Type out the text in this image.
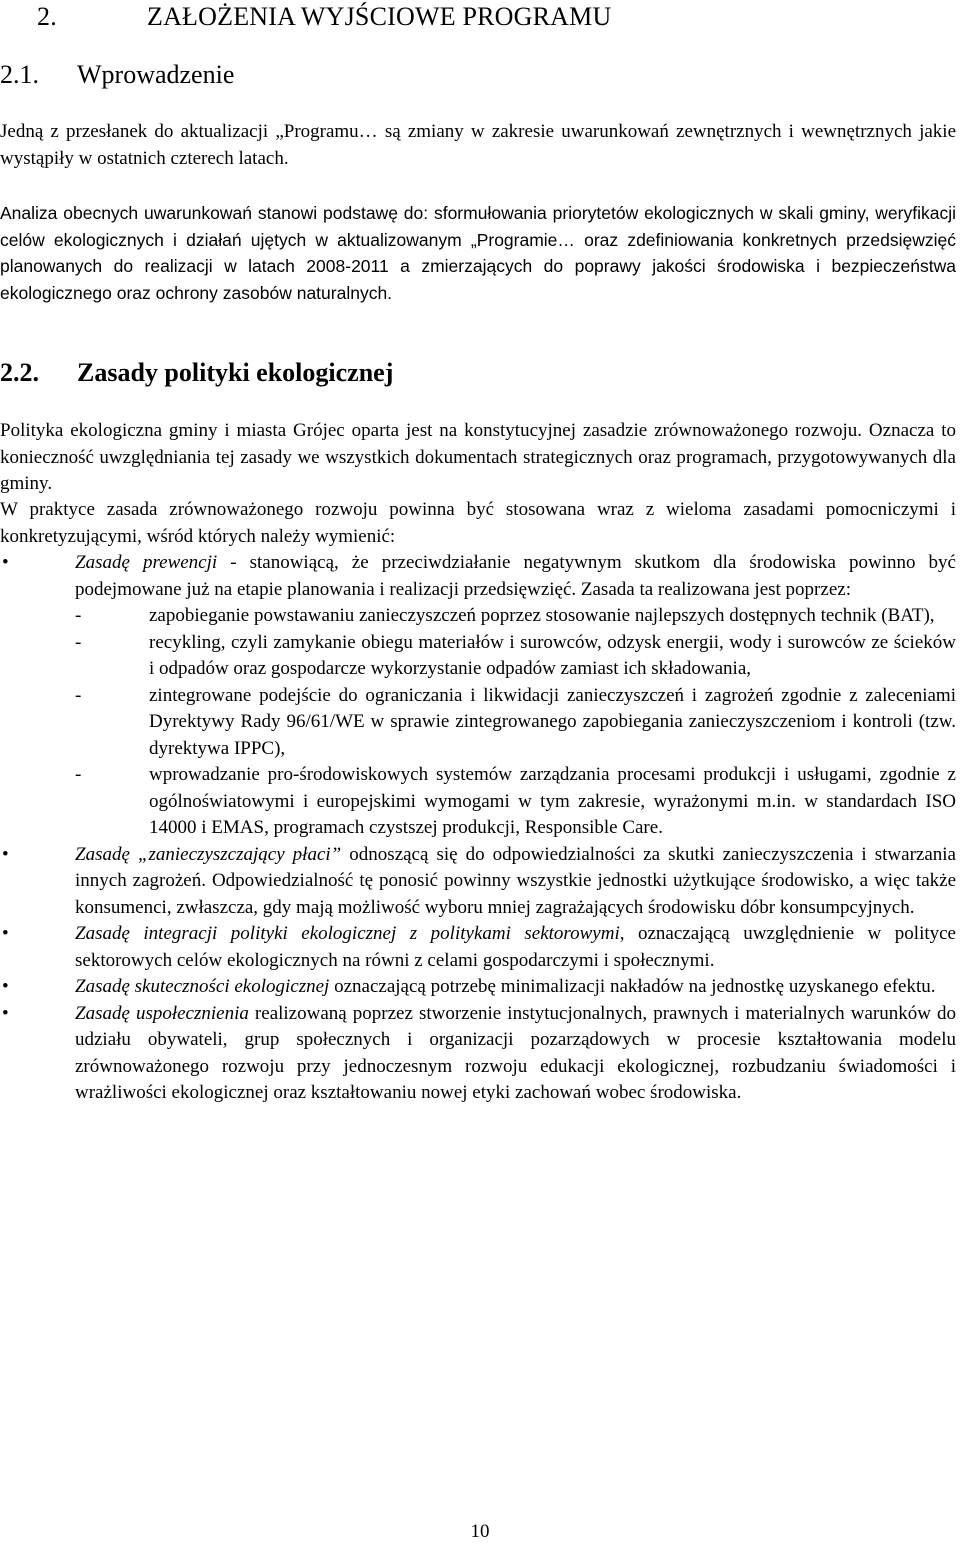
2.	ZAŁOŻENIA WYJŚCIOWE PROGRAMU
2.1. Wprowadzenie

Jedną z przesłanek do aktualizacji „Programu… są zmiany w zakresie uwarunkowań zewnętrznych i wewnętrznych jakie wystąpiły w ostatnich czterech latach.

Analiza obecnych uwarunkowań stanowi podstawę do: sformułowania priorytetów ekologicznych w skali gminy, weryfikacji celów ekologicznych i działań ujętych w aktualizowanym „Programie… oraz zdefiniowania konkretnych przedsięwzięć planowanych do realizacji w latach 2008-2011 a zmierzających do poprawy jakości środowiska i bezpieczeństwa ekologicznego oraz ochrony zasobów naturalnych.

2.2. Zasady polityki ekologicznej

Polityka ekologiczna gminy i miasta Grójec oparta jest na konstytucyjnej zasadzie zrównoważonego rozwoju. Oznacza to konieczność uwzględniania tej zasady we wszystkich dokumentach strategicznych oraz programach, przygotowywanych dla gminy.

W praktyce zasada zrównoważonego rozwoju powinna być stosowana wraz z wieloma zasadami pomocniczymi i konkretyzującymi, wśród których należy wymienić:

•	Zasadę prewencji - stanowiącą, że przeciwdziałanie negatywnym skutkom dla środowiska powinno być podejmowane już na etapie planowania i realizacji przedsięwzięć. Zasada ta realizowana jest poprzez:
-	zapobieganie powstawaniu zanieczyszczeń poprzez stosowanie najlepszych dostępnych technik (BAT),
-	recykling, czyli zamykanie obiegu materiałów i surowców, odzysk energii, wody i surowców ze ścieków i odpadów oraz gospodarcze wykorzystanie odpadów zamiast ich składowania,
-	zintegrowane podejście do ograniczania i likwidacji zanieczyszczeń i zagrożeń zgodnie z zaleceniami Dyrektywy Rady 96/61/WE w sprawie zintegrowanego zapobiegania zanieczyszczeniom i kontroli (tzw. dyrektywa IPPC),
-	wprowadzanie pro-środowiskowych systemów zarządzania procesami produkcji i usługami, zgodnie z ogólnoświatowymi i europejskimi wymogami w tym zakresie, wyrażonymi m.in. w standardach ISO 14000 i EMAS, programach czystszej produkcji, Responsible Care.
•	Zasadę „zanieczyszczający płaci” odnoszącą się do odpowiedzialności za skutki zanieczyszczenia i stwarzania innych zagrożeń. Odpowiedzialność tę ponosić powinny wszystkie jednostki użytkujące środowisko, a więc także konsumenci, zwłaszcza, gdy mają możliwość wyboru mniej zagrażających środowisku dóbr konsumpcyjnych.
•	Zasadę integracji polityki ekologicznej z politykami sektorowymi, oznaczającą uwzględnienie w polityce sektorowych celów ekologicznych na równi z celami gospodarczymi i społecznymi.
•	Zasadę skuteczności ekologicznej oznaczającą potrzebę minimalizacji nakładów na jednostkę uzyskanego efektu.
•	Zasadę uspołecznienia realizowaną poprzez stworzenie instytucjonalnych, prawnych i materialnych warunków do udziału obywateli, grup społecznych i organizacji pozarządowych w procesie kształtowania modelu zrównoważonego rozwoju przy jednoczesnym rozwoju edukacji ekologicznej, rozbudzaniu świadomości i wrażliwości ekologicznej oraz kształtowaniu nowej etyki zachowań wobec środowiska.
10
